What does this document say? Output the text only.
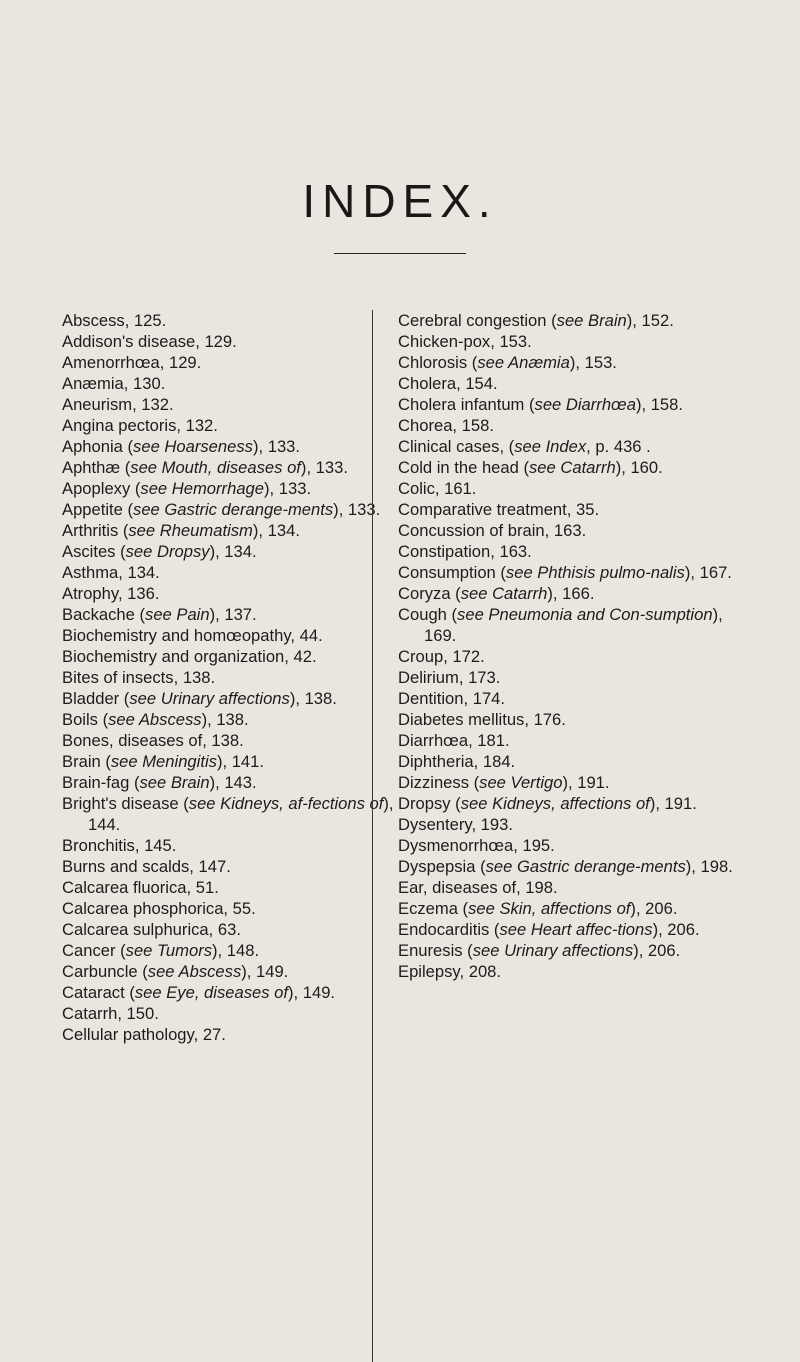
INDEX.

Abscess, 125.

Addison's disease, 129.

Amenorrhœa, 129.

Anæmia, 130.

Aneurism, 132.

Angina pectoris, 132.

Aphonia (see Hoarseness), 133.

Aphthæ (see Mouth, diseases of), 133.

Apoplexy (see Hemorrhage), 133.

Appetite (see Gastric derange-ments), 133.

Arthritis (see Rheumatism), 134.

Ascites (see Dropsy), 134.

Asthma, 134.

Atrophy, 136.

Backache (see Pain), 137.

Biochemistry and homœopathy, 44.

Biochemistry and organization, 42.

Bites of insects, 138.

Bladder (see Urinary affections), 138.

Boils (see Abscess), 138.

Bones, diseases of, 138.

Brain (see Meningitis), 141.

Brain-fag (see Brain), 143.

Bright's disease (see Kidneys, af-fections of), 144.

Bronchitis, 145.

Burns and scalds, 147.

Calcarea fluorica, 51.

Calcarea phosphorica, 55.

Calcarea sulphurica, 63.

Cancer (see Tumors), 148.

Carbuncle (see Abscess), 149.

Cataract (see Eye, diseases of), 149.

Catarrh, 150.

Cellular pathology, 27.

Cerebral congestion (see Brain), 152.

Chicken-pox, 153.

Chlorosis (see Anæmia), 153.

Cholera, 154.

Cholera infantum (see Diarrhœa), 158.

Chorea, 158.

Clinical cases, (see Index, p. 436 .

Cold in the head (see Catarrh), 160.

Colic, 161.

Comparative treatment, 35.

Concussion of brain, 163.

Constipation, 163.

Consumption (see Phthisis pulmo-nalis), 167.

Coryza (see Catarrh), 166.

Cough (see Pneumonia and Con-sumption), 169.

Croup, 172.

Delirium, 173.

Dentition, 174.

Diabetes mellitus, 176.

Diarrhœa, 181.

Diphtheria, 184.

Dizziness (see Vertigo), 191.

Dropsy (see Kidneys, affections of), 191.

Dysentery, 193.

Dysmenorrhœa, 195.

Dyspepsia (see Gastric derange-ments), 198.

Ear, diseases of, 198.

Eczema (see Skin, affections of), 206.

Endocarditis (see Heart affec-tions), 206.

Enuresis (see Urinary affections), 206.

Epilepsy, 208.
